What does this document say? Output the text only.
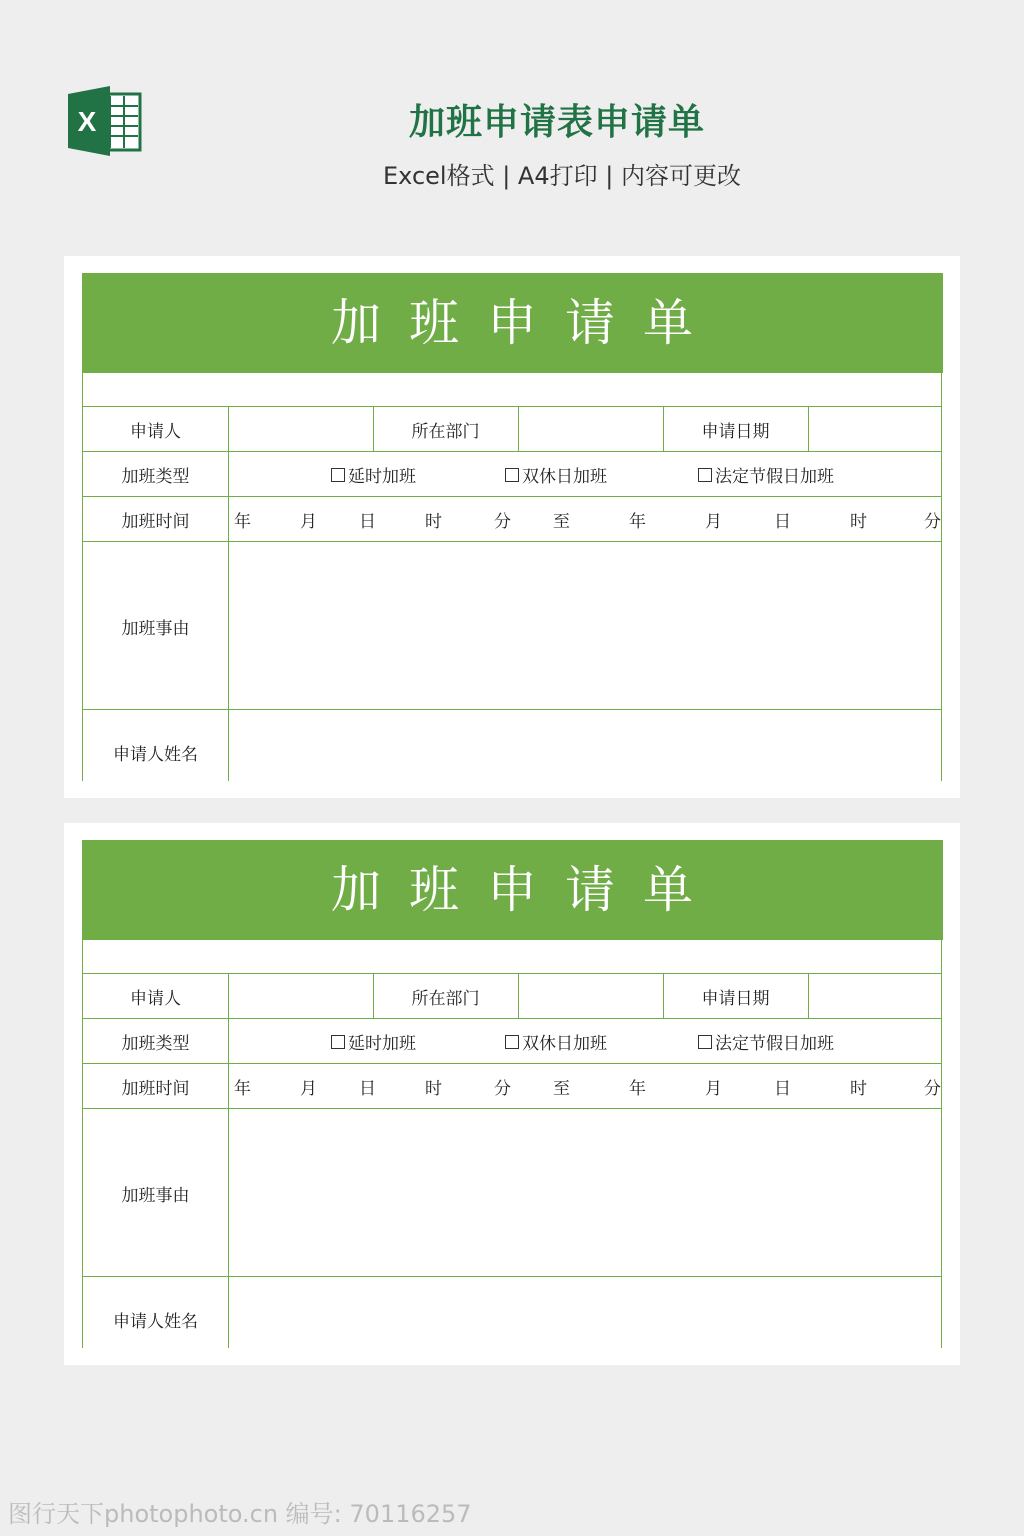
X	加班申请表申请单
Excel格式 | A4打印 | 内容可更改
加班申请单
申请人	所在部门	申请日期
加班类型	延时加班	双休日加班	法定节假日加班
加班时间	年	月 日	时	分 至	年	月	日	时	分
加班事由
申请人姓名
加班申请单
申请人	所在部门	申请日期
加班类型	延时加班	双休日加班	法定节假日加班
加班时间	年	月 日	时	分 至	年	月	日	时	分
加班事由
申请人姓名
图行天下photophoto.cn 编号: 70116257
